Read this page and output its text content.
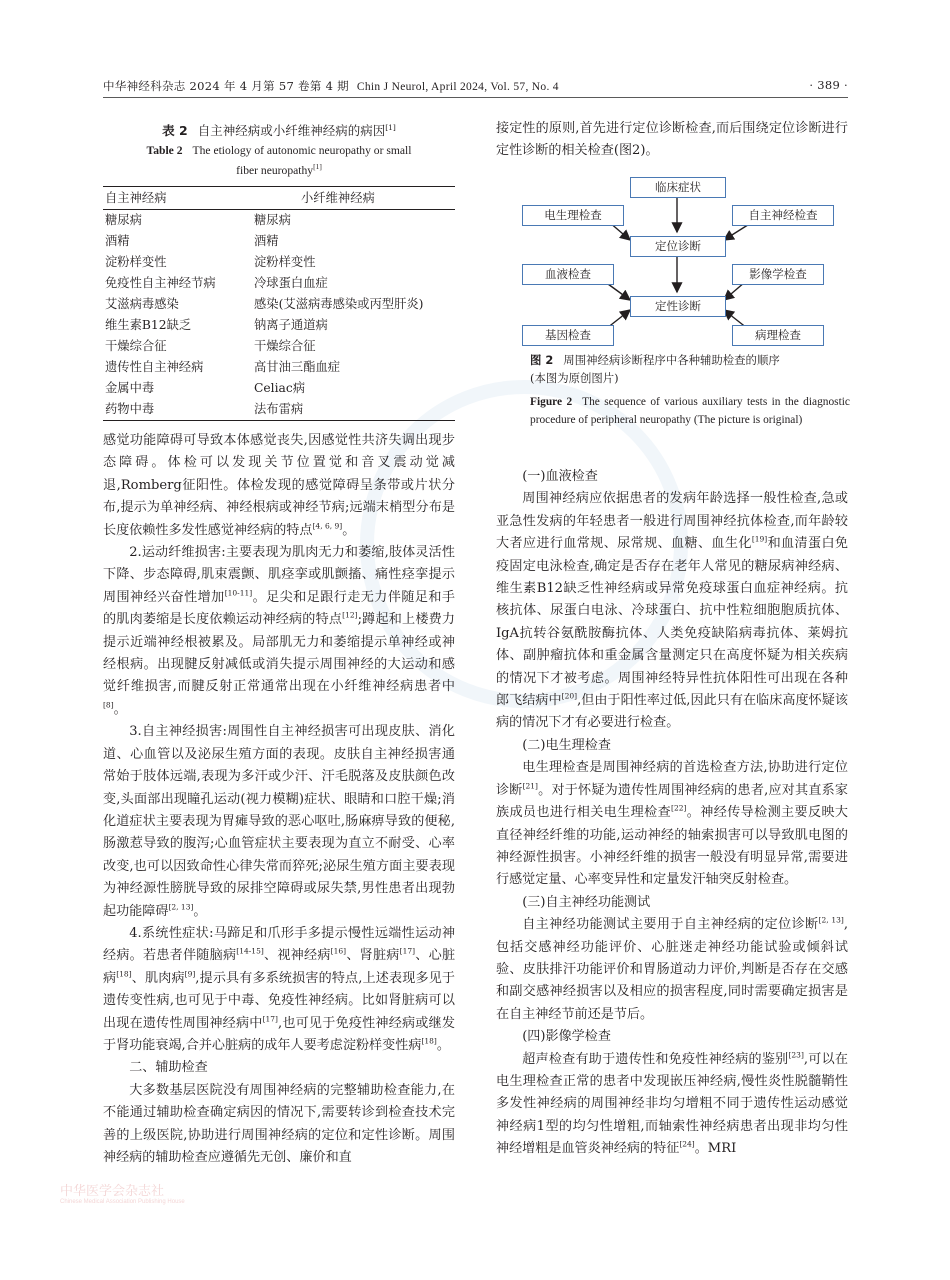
中华神经科杂志 2024 年 4 月第 57 卷第 4 期 Chin J Neurol, April 2024, Vol. 57, No. 4	· 389 ·
表 2 自主神经病或小纤维神经病的病因[1]
Table 2 The etiology of autonomic neuropathy or small
fiber neuropathy[1]
自主神经病	小纤维神经病
糖尿病	糖尿病
酒精	酒精
淀粉样变性	淀粉样变性
免疫性自主神经节病	冷球蛋白血症
艾滋病毒感染	感染(艾滋病毒感染或丙型肝炎)
维生素B12缺乏	钠离子通道病
干燥综合征	干燥综合征
遗传性自主神经病	高甘油三酯血症
金属中毒	Celiac病
药物中毒	法布雷病

感觉功能障碍可导致本体感觉丧失,因感觉性共济失调出现步态障碍。体检可以发现关节位置觉和音叉震动觉减退,Romberg征阳性。体检发现的感觉障碍呈条带或片状分布,提示为单神经病、神经根病或神经节病;远端末梢型分布是长度依赖性多发性感觉神经病的特点[4, 6, 9]。

2.运动纤维损害:主要表现为肌肉无力和萎缩,肢体灵活性下降、步态障碍,肌束震颤、肌痉挛或肌颤搐、痛性痉挛提示周围神经兴奋性增加[10-11]。足尖和足跟行走无力伴随足和手的肌肉萎缩是长度依赖运动神经病的特点[12];蹲起和上楼费力提示近端神经根被累及。局部肌无力和萎缩提示单神经或神经根病。出现腱反射减低或消失提示周围神经的大运动和感觉纤维损害,而腱反射正常通常出现在小纤维神经病患者中[8]。

3.自主神经损害:周围性自主神经损害可出现皮肤、消化道、心血管以及泌尿生殖方面的表现。皮肤自主神经损害通常始于肢体远端,表现为多汗或少汗、汗毛脱落及皮肤颜色改变,头面部出现瞳孔运动(视力模糊)症状、眼睛和口腔干燥;消化道症状主要表现为胃瘫导致的恶心呕吐,肠麻痹导致的便秘,肠激惹导致的腹泻;心血管症状主要表现为直立不耐受、心率改变,也可以因致命性心律失常而猝死;泌尿生殖方面主要表现为神经源性膀胱导致的尿排空障碍或尿失禁,男性患者出现勃起功能障碍[2, 13]。

4.系统性症状:马蹄足和爪形手多提示慢性远端性运动神经病。若患者伴随脑病[14-15]、视神经病[16]、肾脏病[17]、心脏病[18]、肌肉病[9],提示具有多系统损害的特点,上述表现多见于遗传变性病,也可见于中毒、免疫性神经病。比如肾脏病可以出现在遗传性周围神经病中[17],也可见于免疫性神经病或继发于肾功能衰竭,合并心脏病的成年人要考虑淀粉样变性病[18]。

二、辅助检查

大多数基层医院没有周围神经病的完整辅助检查能力,在不能通过辅助检查确定病因的情况下,需要转诊到检查技术完善的上级医院,协助进行周围神经病的定位和定性诊断。周围神经病的辅助检查应遵循先无创、廉价和直

接定性的原则,首先进行定位诊断检查,而后围绕定位诊断进行定性诊断的相关检查(图2)。

临床症状
电生理检查	自主神经检查
定位诊断
血液检查	影像学检查
定性诊断
基因检查	病理检查
图 2 周围神经病诊断程序中各种辅助检查的顺序
(本图为原创图片)
Figure 2 The sequence of various auxiliary tests in the diagnostic procedure of peripheral neuropathy (The picture is original)

(一)血液检查

周围神经病应依据患者的发病年龄选择一般性检查,急或亚急性发病的年轻患者一般进行周围神经抗体检查,而年龄较大者应进行血常规、尿常规、血糖、血生化[19]和血清蛋白免疫固定电泳检查,确定是否存在老年人常见的糖尿病神经病、维生素B12缺乏性神经病或异常免疫球蛋白血症神经病。抗核抗体、尿蛋白电泳、冷球蛋白、抗中性粒细胞胞质抗体、IgA抗转谷氨酰胺酶抗体、人类免疫缺陷病毒抗体、莱姆抗体、副肿瘤抗体和重金属含量测定只在高度怀疑为相关疾病的情况下才被考虑。周围神经特异性抗体阳性可出现在各种郎飞结病中[20],但由于阳性率过低,因此只有在临床高度怀疑该病的情况下才有必要进行检查。

(二)电生理检查

电生理检查是周围神经病的首选检查方法,协助进行定位诊断[21]。对于怀疑为遗传性周围神经病的患者,应对其直系家族成员也进行相关电生理检查[22]。神经传导检测主要反映大直径神经纤维的功能,运动神经的轴索损害可以导致肌电图的神经源性损害。小神经纤维的损害一般没有明显异常,需要进行感觉定量、心率变异性和定量发汗轴突反射检查。

(三)自主神经功能测试

自主神经功能测试主要用于自主神经病的定位诊断[2, 13],包括交感神经功能评价、心脏迷走神经功能试验或倾斜试验、皮肤排汗功能评价和胃肠道动力评价,判断是否存在交感和副交感神经损害以及相应的损害程度,同时需要确定损害是在自主神经节前还是节后。

(四)影像学检查

超声检查有助于遗传性和免疫性神经病的鉴别[23],可以在电生理检查正常的患者中发现嵌压神经病,慢性炎性脱髓鞘性多发性神经病的周围神经非均匀增粗不同于遗传性运动感觉神经病1型的均匀性增粗,而轴索性神经病患者出现非均匀性神经增粗是血管炎神经病的特征[24]。MRI

中华医学会杂志社
Chinese Medical Association Publishing House
